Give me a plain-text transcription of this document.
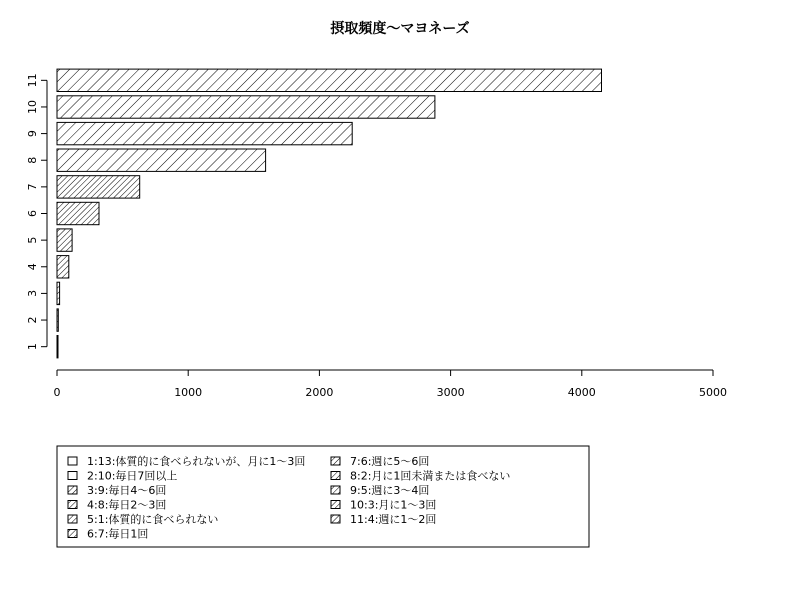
摂取頻度〜マヨネーズ
0	1000	2000	3000	4000	5000
1
2
3
4
5
6
7
8
9
10
11
1:13:体質的に食べられないが、月に1〜3回
2:10:毎日7回以上
3:9:毎日4〜6回
4:8:毎日2〜3回
5:1:体質的に食べられない
6:7:毎日1回
7:6:週に5〜6回
8:2:月に1回未満または食べない
9:5:週に3〜4回
10:3:月に1〜3回
11:4:週に1〜2回
